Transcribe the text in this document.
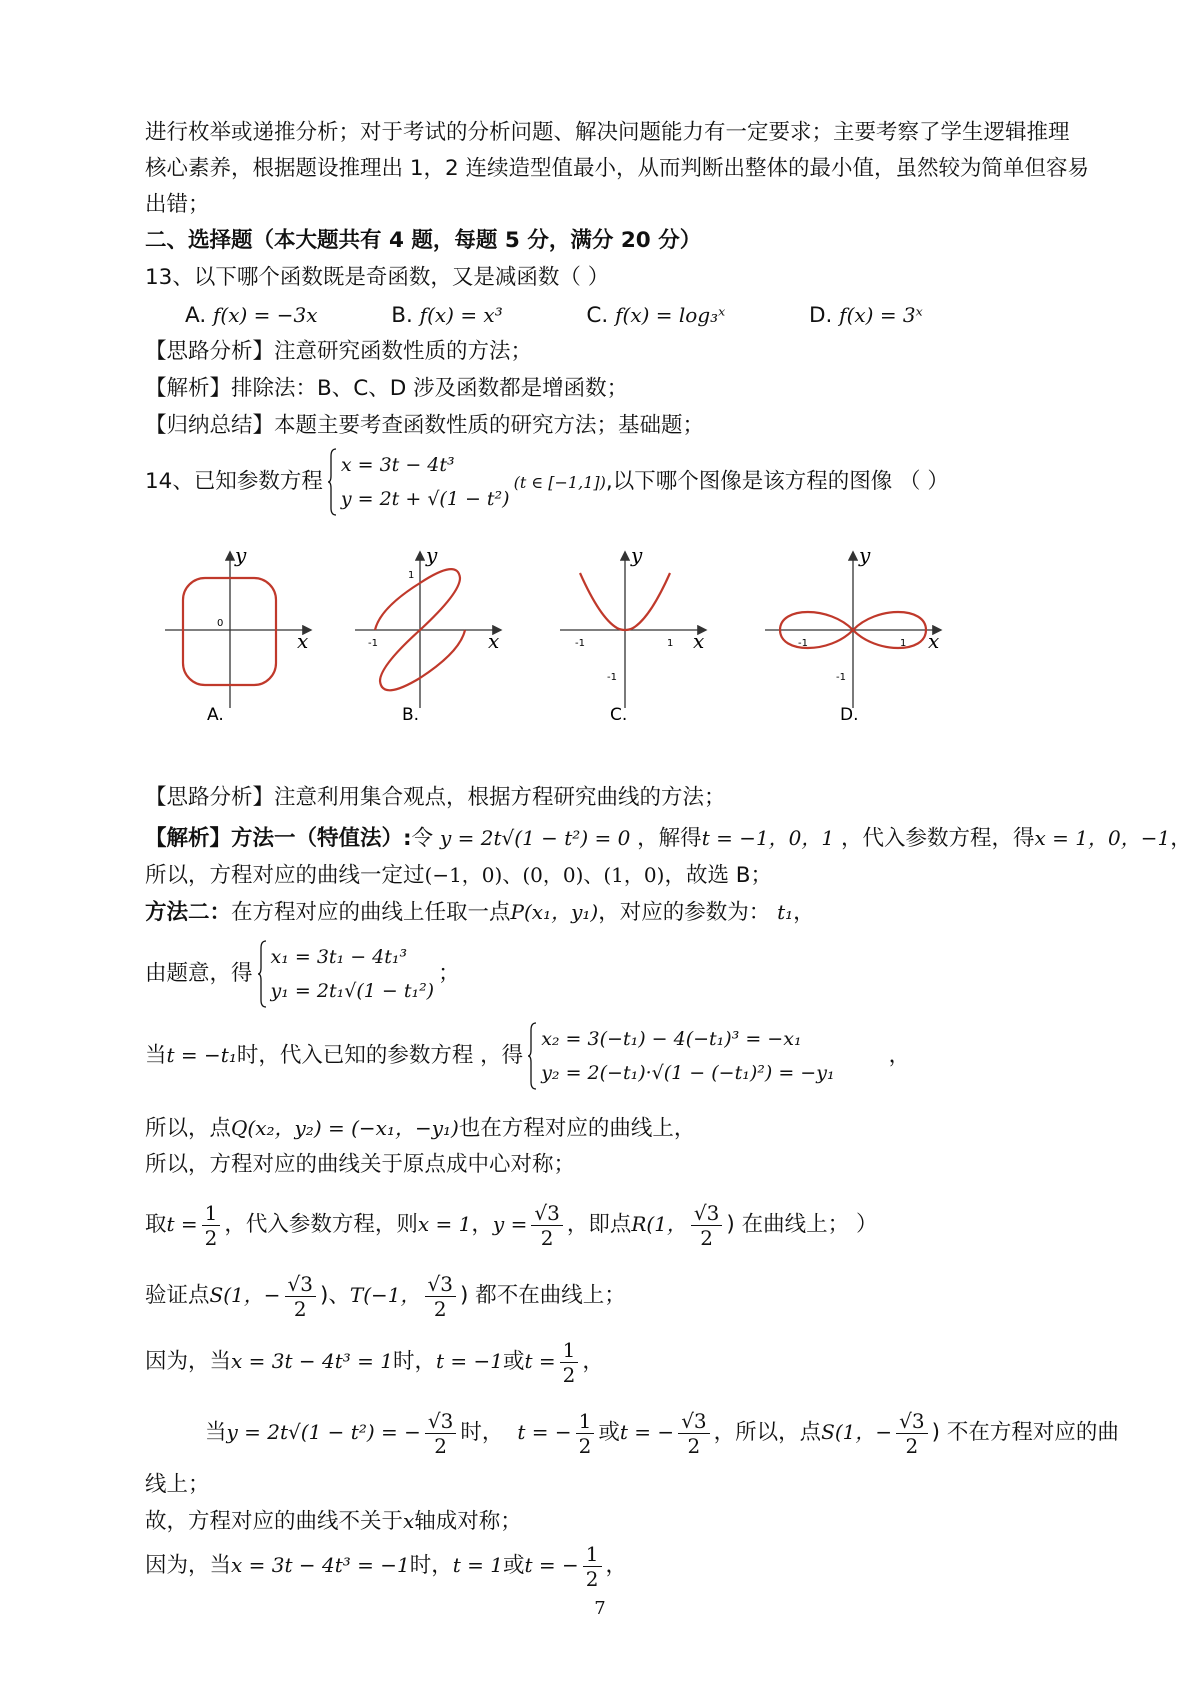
进行枚举或递推分析；对于考试的分析问题、解决问题能力有一定要求；主要考察了学生逻辑推理
核心素养，根据题设推理出 1，2 连续造型值最小，从而判断出整体的最小值，虽然较为简单但容易
出错；
二、选择题（本大题共有 4 题，每题 5 分，满分 20 分）
13、以下哪个函数既是奇函数，又是减函数（ ）
A. f(x) = −3x	B. f(x) = x³	C. f(x) = log₃ˣ	D. f(x) = 3ˣ
【思路分析】注意研究函数性质的方法；
【解析】排除法：B、C、D 涉及函数都是增函数；
【归纳总结】本题主要考查函数性质的研究方法；基础题；
14、已知参数方程
x = 3t − 4t³
y = 2t + √(1 − t²)
(t ∈ [−1,1]),以下哪个图像是该方程的图像 （ ）
y
x
0
A.
y
x
-1
1
B.
y
x
-1	1
-1
C.
y
x
-1	1
-1
D.
【思路分析】注意利用集合观点，根据方程研究曲线的方法；
【解析】方法一（特值法）:令 y = 2t√(1 − t²) = 0 ，解得t = −1，0，1 ，代入参数方程，得x = 1，0，−1，
所以，方程对应的曲线一定过(−1，0)、(0，0)、(1，0)，故选 B；
方法二：在方程对应的曲线上任取一点P(x₁，y₁)，对应的参数为： t₁，
由题意，得
x₁ = 3t₁ − 4t₁³
y₁ = 2t₁√(1 − t₁²)
；
当t = −t₁时，代入已知的参数方程 ，得
x₂ = 3(−t₁) − 4(−t₁)³ = −x₁
y₂ = 2(−t₁)·√(1 − (−t₁)²) = −y₁
，
所以，点Q(x₂，y₂) = (−x₁，−y₁)也在方程对应的曲线上，
所以，方程对应的曲线关于原点成中心对称；
取$t = \frac{1}{2}$ ，代入参数方程，则x = 1，$y = \frac{√3}{2}$ ，即点R(1， $\frac{√3}{2}$ ) 在曲线上； ）
验证点S(1，− $\frac{√3}{2}$ )、T(−1， $\frac{√3}{2}$ ) 都不在曲线上；
因为，当x = 3t − 4t³ = 1时，t = −1或$t = \frac{1}{2}$ ，
当y = 2t√(1 − t²) = − $\frac{√3}{2}$ 时， t = − $\frac{1}{2}$ 或t = − $\frac{√3}{2}$ ，所以，点S(1，− $\frac{√3}{2}$ ) 不在方程对应的曲
线上；
故，方程对应的曲线不关于x轴成对称；
因为，当x = 3t − 4t³ = −1时，t = 1或t = − $\frac{1}{2}$ ，
7
